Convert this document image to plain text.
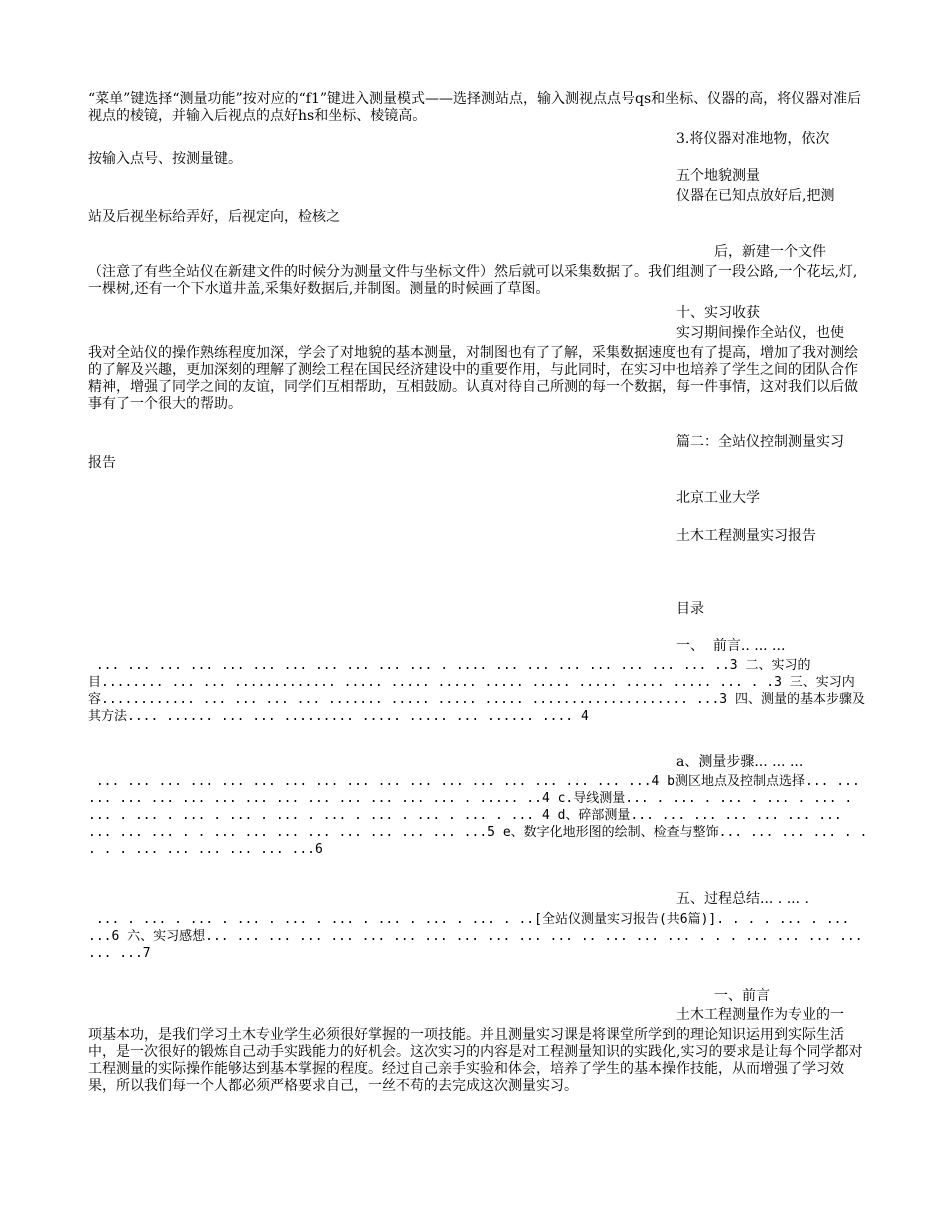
“菜单”键选择“测量功能”按对应的“f1”键进入测量模式——选择测站点，输入测视点点号qs和坐标、仪器的高，将仪器对准后视点的棱镜，并输入后视点的点好hs和坐标、棱镜高。

3.将仪器对准地物，依次

按输入点号、按测量键。

五个地貌测量

仪器在已知点放好后,把测

站及后视坐标给弄好，后视定向，检核之

后，新建一个文件

（注意了有些全站仪在新建文件的时候分为测量文件与坐标文件）然后就可以采集数据了。我们组测了一段公路,一个花坛,灯,一棵树,还有一个下水道井盖,采集好数据后,并制图。测量的时候画了草图。

十、实习收获

实习期间操作全站仪，也使

我对全站仪的操作熟练程度加深，学会了对地貌的基本测量，对制图也有了了解，采集数据速度也有了提高，增加了我对测绘的了解及兴趣，更加深刻的理解了测绘工程在国民经济建设中的重要作用，与此同时，在实习中也培养了学生之间的团队合作精神，增强了同学之间的友谊，同学们互相帮助，互相鼓励。认真对待自己所测的每一个数据，每一件事情，这对我们以后做事有了一个很大的帮助。

篇二：全站仪控制测量实习

报告

北京工业大学

土木工程测量实习报告

目录

一、  前言.. ... ...

... ... ... ... ... ... ... ... ... ... ... . .... ... ... ... ... ... ... ... ..3 二、实习的目........ ... ... ............. ..... ..... ..... ..... ..... ..... ..... ..... ... . .3 三、实习内容............ ... ... ... ... ....... ..... ..... ..... .................... ...3 四、测量的基本步骤及其方法.... ...... ... ... ......... ..... ..... ... ...... .... 4

a、测量步骤... ... ...

... ... ... ... ... ... ... ... ... ... ... ... ... ... ... ... ... ...4 b测区地点及控制点选择... ... ... ... ... ... ... ... ... ... ... ... ... ... . ..... ..4 c.导线测量... . ... . ... . ... . ... . ... . ... . ... . ... . ... . ... . ... . ... . ... . ... 4 d、碎部测量... ... ... ... ... ... ... ... ... ... . . ... ... ... ... ... ... ... ... ...5 e、数字化地形图的绘制、检查与整饰... ... ... ... . . . . . ... ... ... ... ... ...6

五、过程总结... . ... .

... . ... . ... . ... . ... . ... . ... . ... . ... . ..[全站仪测量实习报告(共6篇)]. . . . ... . ... ...6 六、实习感想... ... ... ... ... ... ... ... ... ... ... ... .. ... ... ... . . . ... ... ... ... ... ...7

一、前言

土木工程测量作为专业的一

项基本功，是我们学习土木专业学生必须很好掌握的一项技能。并且测量实习课是将课堂所学到的理论知识运用到实际生活中，是一次很好的锻炼自己动手实践能力的好机会。这次实习的内容是对工程测量知识的实践化,实习的要求是让每个同学都对工程测量的实际操作能够达到基本掌握的程度。经过自己亲手实验和体会，培养了学生的基本操作技能，从而增强了学习效果，所以我们每一个人都必须严格要求自己，一丝不苟的去完成这次测量实习。
